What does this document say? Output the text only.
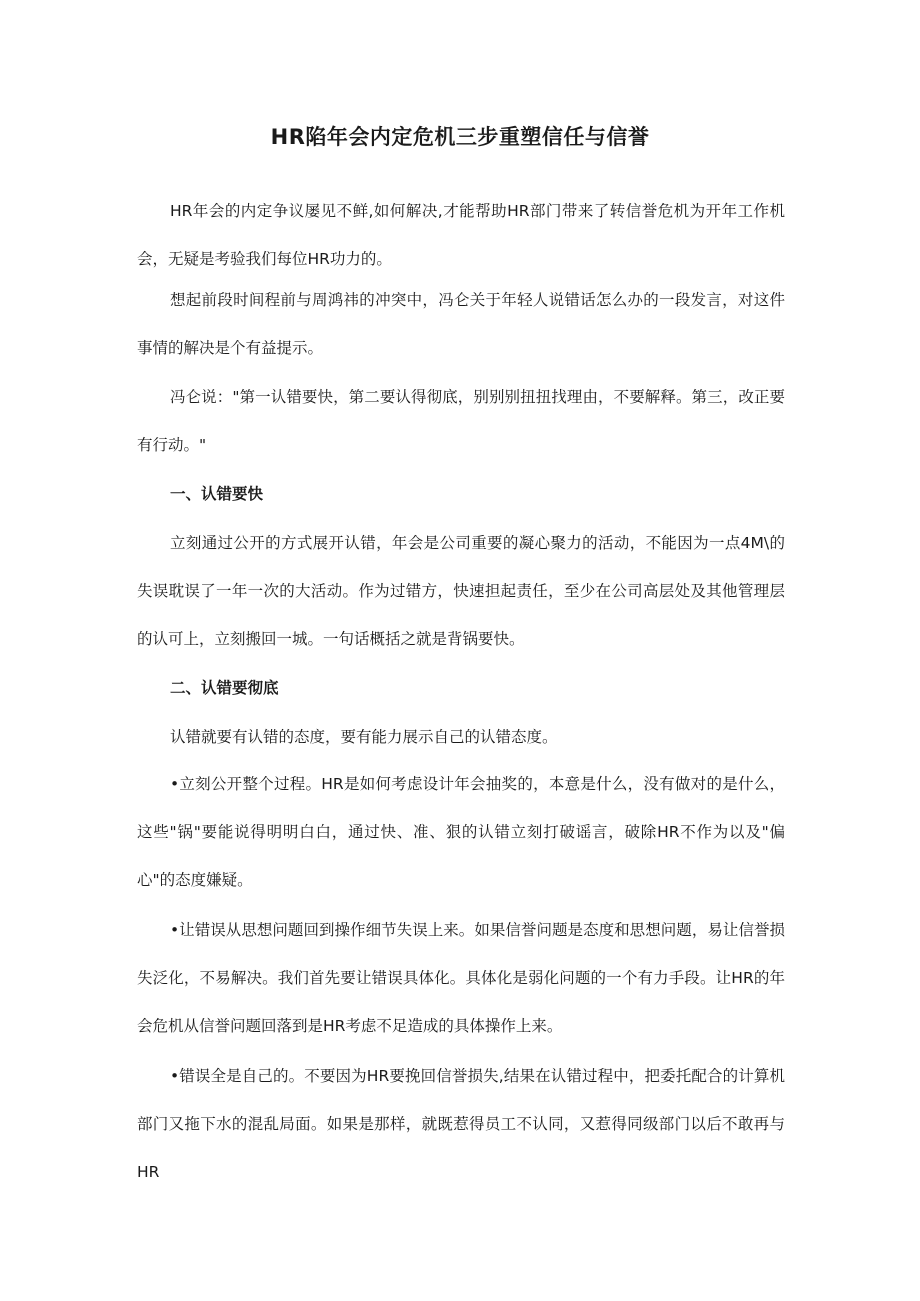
HR陷年会内定危机三步重塑信任与信誉

HR年会的内定争议屡见不鲜,如何解决,才能帮助HR部门带来了转信誉危机为开年工作机会，无疑是考验我们每位HR功力的。

想起前段时间程前与周鸿祎的冲突中，冯仑关于年轻人说错话怎么办的一段发言，对这件事情的解决是个有益提示。

冯仑说："第一认错要快，第二要认得彻底，别别别扭扭找理由，不要解释。第三，改正要有行动。"

一、认错要快

立刻通过公开的方式展开认错，年会是公司重要的凝心聚力的活动，不能因为一点4M\的失误耽误了一年一次的大活动。作为过错方，快速担起责任，至少在公司高层处及其他管理层的认可上，立刻搬回一城。一句话概括之就是背锅要快。

二、认错要彻底

认错就要有认错的态度，要有能力展示自己的认错态度。

•立刻公开整个过程。HR是如何考虑设计年会抽奖的，本意是什么，没有做对的是什么，这些"锅"要能说得明明白白，通过快、准、狠的认错立刻打破谣言，破除HR不作为以及"偏心"的态度嫌疑。

•让错误从思想问题回到操作细节失误上来。如果信誉问题是态度和思想问题，易让信誉损失泛化，不易解决。我们首先要让错误具体化。具体化是弱化问题的一个有力手段。让HR的年会危机从信誉问题回落到是HR考虑不足造成的具体操作上来。

•错误全是自己的。不要因为HR要挽回信誉损失,结果在认错过程中，把委托配合的计算机部门又拖下水的混乱局面。如果是那样，就既惹得员工不认同，又惹得同级部门以后不敢再与HR
